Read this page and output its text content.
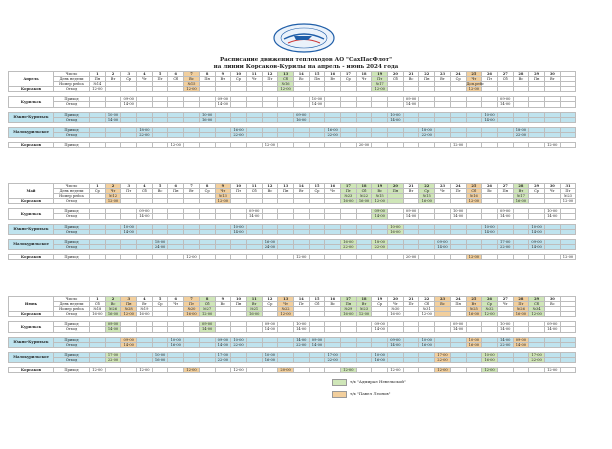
Расписание движения теплоходов АО "СахПасФлот"
на линии Корсаков-Курилы на апрель - июнь 2024 года
Апрель	Число	1	2	3	4	5	6	7	8	9	10	11	12	13	14	15	16	17	18	19	20	21	22	23	24	25	26	27	28	29	30	
	День недели	Пн	Вт	Ср	Чт	Пт	Сб	Вс	Пн	Вт	Ср	Чт	Пт	Сб	Вс	Пн	Вт	Ср	Чт	Пт	Сб	Вс	Пн	Вт	Ср	Чт	Пт	Сб	Вс	Пн	Вт	
	Номер рейса	№14						№15						№16						№17						Доп.рейс						
Корсаков	Отход	12-00						12-00						12-00						12-00						12-00						

Курильск	Приход			09-00						09-00						10-00						09-00						09-00				
	Отход			14-00						14-00						14-00						14-00						14-00				

Южно-Курильск	Приход		10-00						10-00						09-00						10-00						10-00					
	Отход		14-00						16-00						16-00						14-00						14-00					

Малокурильское	Приход				18-00						16-00						16-00						18-00						18-00			
	Отход				22-00						22-00						22-00						22-00						22-00			

Корсаков	Приход						12-00						12-00						20-00						12-00						12-00	
Май	Число	1	2	3	4	5	6	7	8	9	10	11	12	13	14	15	16	17	18	19	20	21	22	23	24	25	26	27	28	29	30	31
	День недели	Ср	Чт	Пт	Сб	Вс	Пн	Вт	Ср	Чт	Пт	Сб	Вс	Пн	Вт	Ср	Чт	Пт	Сб	Вс	Пн	Вт	Ср	Чт	Пт	Сб	Вс	Пн	Вт	Ср	Чт	Пт
	Номер рейса		№12							№13								№23	№22	№15			№15			№16			№17			№23
Корсаков	Отход		12-00							12-00								16-00	16-00	12-00			16-00			12-00			16-00			12-00

Курильск	Приход				09-00							09-00								09-00		09-00			10-00			09-00			10-00	
	Отход				14-00							14-00								14-00		14-00			14-00			14-00			14-00	

Южно-Курильск	Приход			10-00							10-00										10-00						10-00			10-00		
	Отход			14-00							14-00										16-00						14-00			14-00		

Малокурильское	Приход					18-00							16-00					16-00		18-00				09-00				17-00		09-00		
	Отход					24-00							24-00					22-00		22-00				14-00				22-00		14-00		

Корсаков	Приход							12-00							12-00							20-00				12-00						12-00
Июнь	Число	1	2	3	4	5	6	7	8	9	10	11	12	13	14	15	16	17	18	19	20	21	22	23	24	25	26	27	28	29	30	
	День недели	Сб	Вс	Пн	Вт	Ср	Чт	Пт	Сб	Вс	Пн	Вт	Ср	Чт	Пт	Сб	Вс	Пн	Вт	Ср	Чт	Пт	Сб	Вс	Пн	Вт	Ср	Чт	Пт	Сб	Вс	
	Номер рейса	№18	№26	№28	№19			№20	№27			№21		№22				№29	№23		№30		№31			№25	№32		№26	№34		
Корсаков	Отход	16-00	16-00	12-00	16-00			16-00	12-00			16-00		12-00				16-00	12-00		16-00		12-00			16-00	12-00		16-00	12-00		

Курильск	Приход		09-00						09-00				09-00		10-00					09-00					09-00			10-00			09-00	
	Отход		14-00						14-00				14-00		14-00					14-00					14-00			14-00			14-00	

Южно-Курильск	Приход			09-00			10-00			09-00	10-00				14-00	09-00					09-00		10-00			10-00		14-00	09-00			
	Отход			14-00			16-00			14-00	22-00				22-00	14-00					14-00		16-00			16-00		22-00	14-00			

Малокурильское	Приход		17-00			10-00				17-00			10-00				17-00			10-00				17-00			10-00			17-00		
	Отход		22-00			16-00				22-00			16-00				22-00			16-00				22-00			16-00			22-00		

Корсаков	Приход	12-00			12-00			12-00			12-00			20-00				12-00			12-00			12-00			12-00				12-00	
т/х "Адмирал Невельской"
т/х "Павел Леонов"
